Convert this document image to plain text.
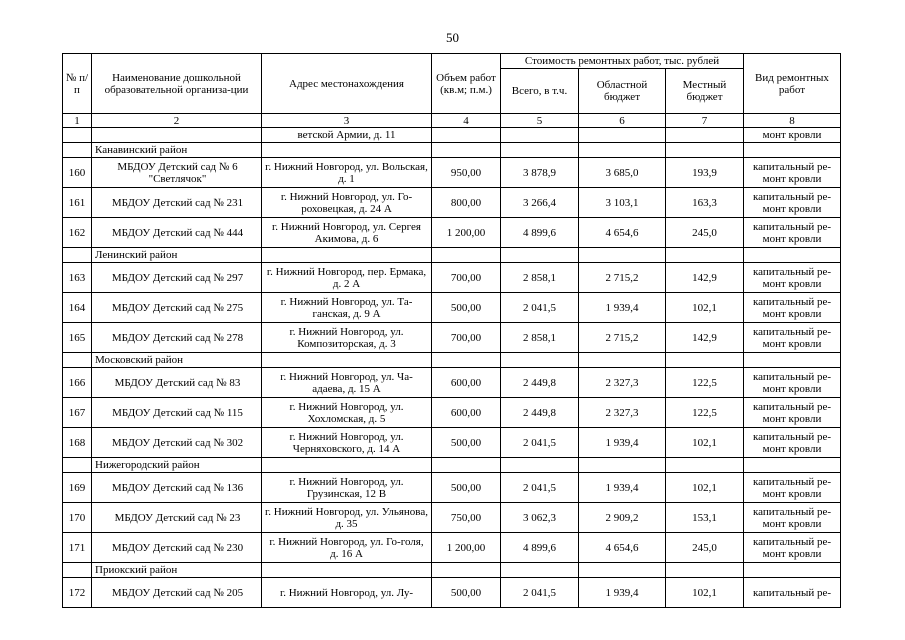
50
№ п/п	Наименование дошкольной образовательной организа-ции	Адрес местонахождения	Объем работ (кв.м; п.м.)	Стоимость ремонтных работ, тыс. рублей			Вид ремонтных работ
				Всего, в т.ч.	Областной бюджет	Местный бюджет	
1	2	3	4	5	6	7	8
		ветской Армии, д. 11					монт кровли
	Канавинский район						
160	МБДОУ Детский сад № 6 "Светлячок"	г. Нижний Новгород, ул. Вольская, д. 1	950,00	3 878,9	3 685,0	193,9	капитальный ре-монт кровли
161	МБДОУ Детский сад № 231	г. Нижний Новгород, ул. Го-роховецкая, д. 24 А	800,00	3 266,4	3 103,1	163,3	капитальный ре-монт кровли
162	МБДОУ Детский сад № 444	г. Нижний Новгород, ул. Сергея Акимова, д. 6	1 200,00	4 899,6	4 654,6	245,0	капитальный ре-монт кровли
	Ленинский район						
163	МБДОУ Детский сад № 297	г. Нижний Новгород, пер. Ермака, д. 2 А	700,00	2 858,1	2 715,2	142,9	капитальный ре-монт кровли
164	МБДОУ Детский сад № 275	г. Нижний Новгород, ул. Та-ганская, д. 9 А	500,00	2 041,5	1 939,4	102,1	капитальный ре-монт кровли
165	МБДОУ Детский сад № 278	г. Нижний Новгород, ул. Композиторская, д. 3	700,00	2 858,1	2 715,2	142,9	капитальный ре-монт кровли
	Московский район						
166	МБДОУ Детский сад № 83	г. Нижний Новгород, ул. Ча-адаева, д. 15 А	600,00	2 449,8	2 327,3	122,5	капитальный ре-монт кровли
167	МБДОУ Детский сад № 115	г. Нижний Новгород, ул. Хохломская, д. 5	600,00	2 449,8	2 327,3	122,5	капитальный ре-монт кровли
168	МБДОУ Детский сад № 302	г. Нижний Новгород, ул. Черняховского, д. 14 А	500,00	2 041,5	1 939,4	102,1	капитальный ре-монт кровли
	Нижегородский район						
169	МБДОУ Детский сад № 136	г. Нижний Новгород, ул. Грузинская, 12 В	500,00	2 041,5	1 939,4	102,1	капитальный ре-монт кровли
170	МБДОУ Детский сад № 23	г. Нижний Новгород, ул. Ульянова, д. 35	750,00	3 062,3	2 909,2	153,1	капитальный ре-монт кровли
171	МБДОУ Детский сад № 230	г. Нижний Новгород, ул. Го-голя, д. 16 А	1 200,00	4 899,6	4 654,6	245,0	капитальный ре-монт кровли
	Приокский район						
172	МБДОУ Детский сад № 205	г. Нижний Новгород, ул. Лу-	500,00	2 041,5	1 939,4	102,1	капитальный ре-
